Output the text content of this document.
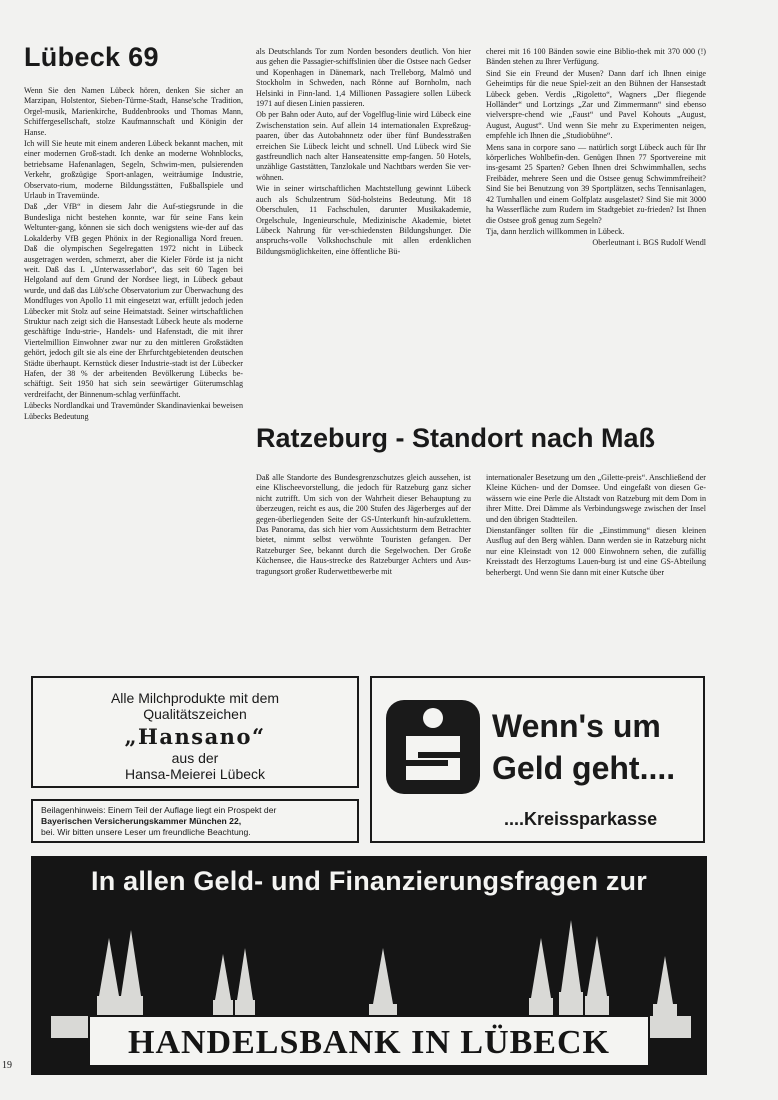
Lübeck 69

Wenn Sie den Namen Lübeck hören, denken Sie sicher an Marzipan, Holstentor, Sieben-Türme-Stadt, Hanse'sche Tradition, Orgel-musik, Marienkirche, Buddenbrooks und Thomas Mann, Schiffergesellschaft, stolze Kaufmannschaft und Königin der Hanse.

Ich will Sie heute mit einem anderen Lübeck bekannt machen, mit einer modernen Groß-stadt. Ich denke an moderne Wohnblocks, betriebsame Hafenanlagen, Segeln, Schwim-men, pulsierenden Verkehr, großzügige Sport-anlagen, weiträumige Industrie, Observato-rium, moderne Bildungsstätten, Fußballspiele und Urlaub in Travemünde.

Daß „der VfB“ in diesem Jahr die Auf-stiegsrunde in die Bundesliga nicht bestehen konnte, war für seine Fans kein Weltunter-gang, können sie sich doch wenigstens wie-der auf das Lokalderby VfB gegen Phönix in der Regionalliga Nord freuen. Daß die olympischen Segelregatten 1972 nicht in Lübeck ausgetragen werden, schmerzt, aber die Kieler Förde ist ja nicht weit. Daß das I. „Unterwasserlabor“, das seit 60 Tagen bei Helgoland auf dem Grund der Nordsee liegt, in Lübeck gebaut wurde, und daß das Lüb'sche Observatorium zur Überwachung des Mondfluges von Apollo 11 mit eingesetzt war, erfüllt jedoch jeden Lübecker mit Stolz auf seine Heimatstadt. Seiner wirtschaftlichen Struktur nach zeigt sich die Hansestadt Lübeck heute als moderne geschäftige Indu-strie-, Handels- und Hafenstadt, die mit ihrer Viertelmillion Einwohner zwar nur zu den mittleren Großstädten gehört, jedoch gilt sie als eine der Ehrfurchtgebietenden deutschen Städte überhaupt. Kernstück dieser Industrie-stadt ist der Lübecker Hafen, der 38 % der arbeitenden Bevölkerung Lübecks be-schäftigt. Seit 1950 hat sich sein seewärtiger Güterumschlag verdreifacht, der Binnenum-schlag verfünffacht.

Lübecks Nordlandkai und Travemünder Skandinavienkai beweisen Lübecks Bedeutung

als Deutschlands Tor zum Norden besonders deutlich. Von hier aus gehen die Passagier-schiffslinien über die Ostsee nach Gedser und Kopenhagen in Dänemark, nach Trelleborg, Malmö und Stockholm in Schweden, nach Rönne auf Bornholm, nach Helsinki in Finn-land. 1,4 Millionen Passagiere sollen Lübeck 1971 auf diesen Linien passieren.

Ob per Bahn oder Auto, auf der Vogelflug-linie wird Lübeck eine Zwischenstation sein. Auf allein 14 internationalen Expreßzug-paaren, über das Autobahnnetz oder über fünf Bundesstraßen erreichen Sie Lübeck leicht und schnell. Und Lübeck wird Sie gastfreundlich nach alter Hanseatensitte emp-fangen. 50 Hotels, unzählige Gaststätten, Tanzlokale und Nachtbars werden Sie ver-wöhnen.

Wie in seiner wirtschaftlichen Machtstellung gewinnt Lübeck auch als Schulzentrum Süd-holsteins Bedeutung. Mit 18 Oberschulen, 11 Fachschulen, darunter Musikakademie, Orgelschule, Ingenieurschule, Medizinische Akademie, bietet Lübeck Nahrung für ver-schiedensten Bildungshunger. Die anspruchs-volle Volkshochschule mit allen erdenklichen Bildungsmöglichkeiten, eine öffentliche Bü-

cherei mit 16 100 Bänden sowie eine Biblio-thek mit 370 000 (!) Bänden stehen zu Ihrer Verfügung.

Sind Sie ein Freund der Musen? Dann darf ich Ihnen einige Geheimtips für die neue Spiel-zeit an den Bühnen der Hansestadt Lübeck geben. Verdis „Rigoletto“, Wagners „Der fliegende Holländer“ und Lortzings „Zar und Zimmermann“ sind ebenso vielverspre-chend wie „Faust“ und Pavel Kohouts „August, August, August“. Und wenn Sie mehr zu Experimenten neigen, empfehle ich Ihnen die „Studiobühne“.

Mens sana in corpore sano — natürlich sorgt Lübeck auch für Ihr körperliches Wohlbefin-den. Genügen Ihnen 77 Sportvereine mit ins-gesamt 25 Sparten? Geben Ihnen drei Schwimmhallen, sechs Freibäder, mehrere Seen und die Ostsee genug Schwimmfreiheit? Sind Sie bei Benutzung von 39 Sportplätzen, sechs Tennisanlagen, 42 Turnhallen und einem Golfplatz ausgelastet? Sind Sie mit 3000 ha Wasserfläche zum Rudern im Stadtgebiet zu-frieden? Ist Ihnen die Ostsee groß genug zum Segeln?

Tja, dann herzlich willkommen in Lübeck.

Oberleutnant i. BGS Rudolf Wendl

Ratzeburg - Standort nach Maß

Daß alle Standorte des Bundesgrenzschutzes gleich aussehen, ist eine Klischeevorstellung, die jedoch für Ratzeburg ganz sicher nicht zutrifft. Um sich von der Wahrheit dieser Behauptung zu überzeugen, reicht es aus, die 200 Stufen des Jägerberges auf der gegen-überliegenden Seite der GS-Unterkunft hin-aufzuklettern. Das Panorama, das sich hier vom Aussichtsturm dem Betrachter bietet, nimmt selbst verwöhnte Touristen gefangen. Der Ratzeburger See, bekannt durch die Segelwochen. Der Große Küchensee, die Haus-strecke des Ratzeburger Achters und Aus-tragungsort großer Ruderwettbewerbe mit

internationaler Besetzung um den „Gilette-preis“. Anschließend der Kleine Küchen- und der Domsee. Und eingefaßt von diesen Ge-wässern wie eine Perle die Altstadt von Ratzeburg mit dem Dom in ihrer Mitte. Drei Dämme als Verbindungswege zwischen der Insel und den übrigen Stadtteilen.

Dienstanfänger sollten für die „Einstimmung“ diesen kleinen Ausflug auf den Berg wählen. Dann werden sie in Ratzeburg nicht nur eine Kleinstadt von 12 000 Einwohnern sehen, die zufällig Kreisstadt des Herzogtums Lauen-burg ist und eine GS-Abteilung beherbergt. Und wenn Sie dann mit einer Kutsche über

Alle Milchprodukte mit dem
Qualitätszeichen
„Hansano“
aus der
Hansa-Meierei Lübeck
Beilagenhinweis: Einem Teil der Auflage liegt ein Prospekt der
Bayerischen Versicherungskammer München 22,
bei. Wir bitten unsere Leser um freundliche Beachtung.
Wenn's um
Geld geht....
....Kreissparkasse
In allen Geld- und Finanzierungsfragen zur
HANDELSBANK IN LÜBECK
19
